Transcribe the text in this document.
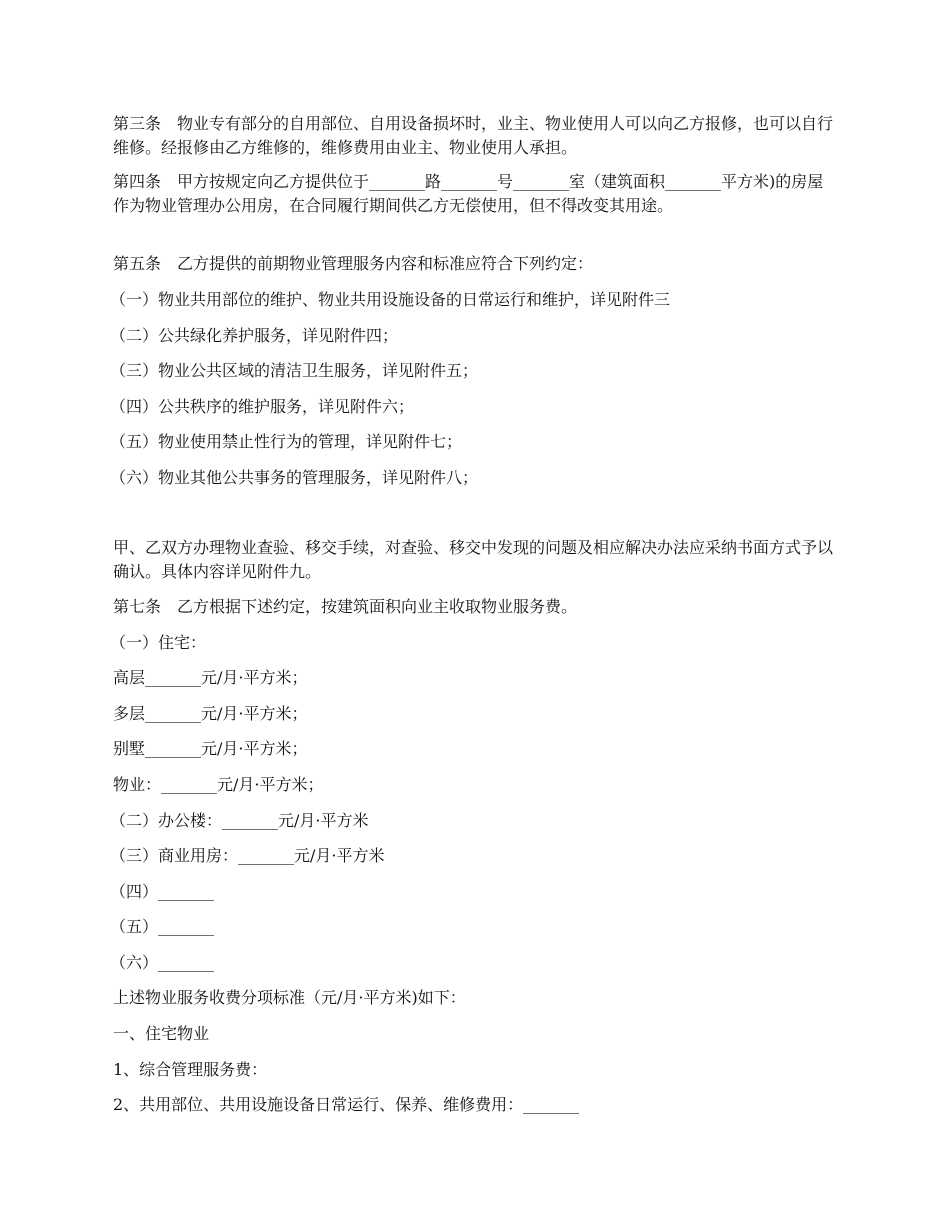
第三条　物业专有部分的自用部位、自用设备损坏时，业主、物业使用人可以向乙方报修，也可以自行维修。经报修由乙方维修的，维修费用由业主、物业使用人承担。
第四条　甲方按规定向乙方提供位于_______路_______号_______室（建筑面积_______平方米)的房屋作为物业管理办公用房，在合同履行期间供乙方无偿使用，但不得改变其用途。
第五条　乙方提供的前期物业管理服务内容和标准应符合下列约定：
（一）物业共用部位的维护、物业共用设施设备的日常运行和维护，详见附件三
（二）公共绿化养护服务，详见附件四；
（三）物业公共区域的清洁卫生服务，详见附件五；
（四）公共秩序的维护服务，详见附件六；
（五）物业使用禁止性行为的管理，详见附件七；
（六）物业其他公共事务的管理服务，详见附件八；
甲、乙双方办理物业查验、移交手续，对查验、移交中发现的问题及相应解决办法应采纳书面方式予以确认。具体内容详见附件九。
第七条　乙方根据下述约定，按建筑面积向业主收取物业服务费。
（一）住宅：
高层_______元/月·平方米；
多层_______元/月·平方米；
别墅_______元/月·平方米；
物业：_______元/月·平方米；
（二）办公楼：_______元/月·平方米
（三）商业用房：_______元/月·平方米
（四）_______
（五）_______
（六）_______
上述物业服务收费分项标准（元/月·平方米)如下：
一、住宅物业
1、综合管理服务费：
2、共用部位、共用设施设备日常运行、保养、维修费用：_______
